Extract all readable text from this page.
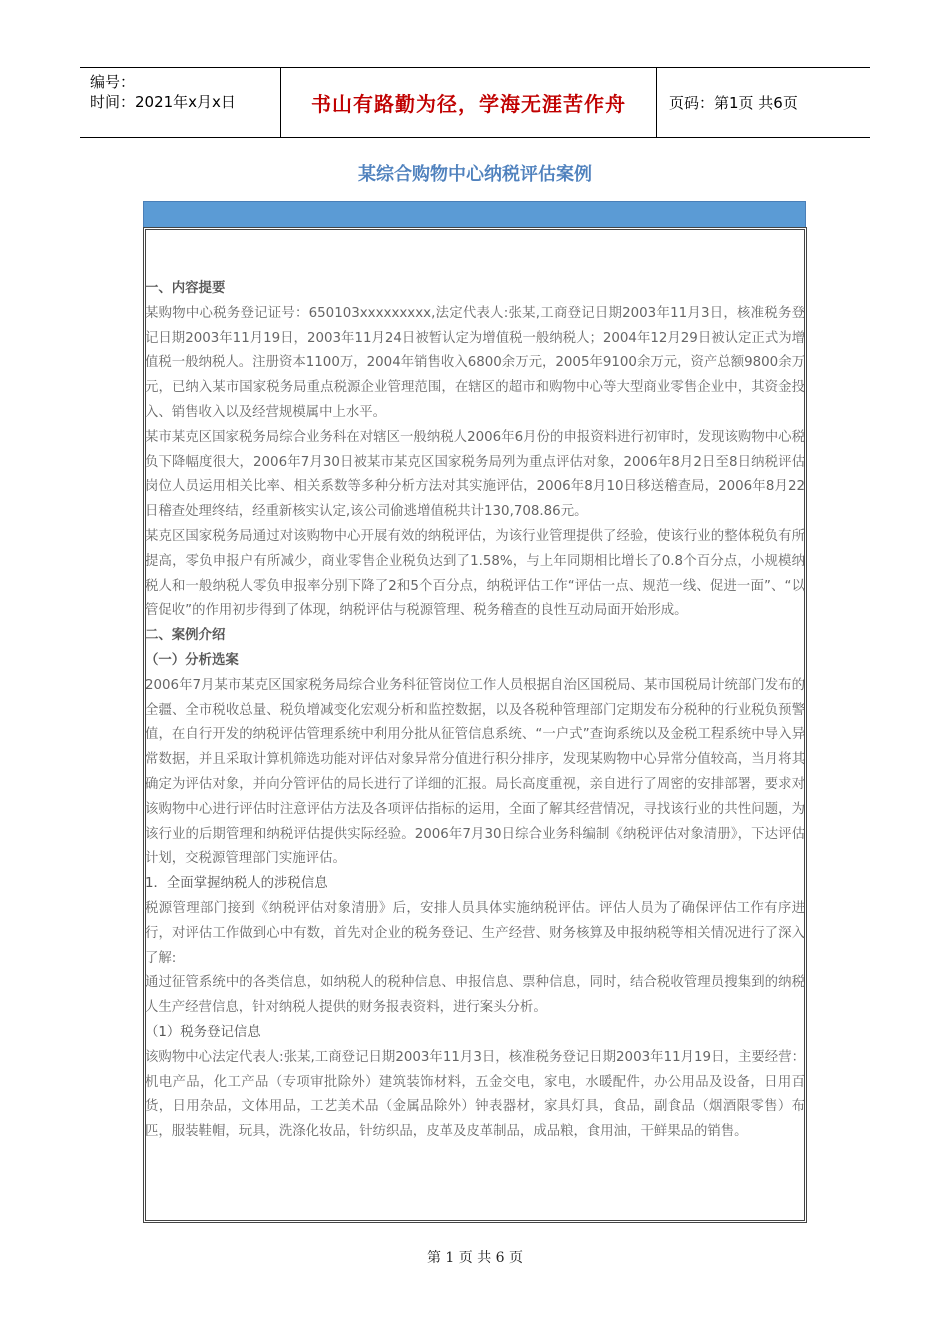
编号：
时间：2021年x月x日	书山有路勤为径，学海无涯苦作舟	页码：第1页 共6页
某综合购物中心纳税评估案例

一、内容提要

某购物中心税务登记证号：650103xxxxxxxxx,法定代表人:张某,工商登记日期2003年11月3日，核准税务登记日期2003年11月19日，2003年11月24日被暂认定为增值税一般纳税人；2004年12月29日被认定正式为增值税一般纳税人。注册资本1100万，2004年销售收入6800余万元，2005年9100余万元，资产总额9800余万元，已纳入某市国家税务局重点税源企业管理范围，在辖区的超市和购物中心等大型商业零售企业中，其资金投入、销售收入以及经营规模属中上水平。

某市某克区国家税务局综合业务科在对辖区一般纳税人2006年6月份的申报资料进行初审时，发现该购物中心税负下降幅度很大，2006年7月30日被某市某克区国家税务局列为重点评估对象，2006年8月2日至8日纳税评估岗位人员运用相关比率、相关系数等多种分析方法对其实施评估，2006年8月10日移送稽查局，2006年8月22日稽查处理终结，经重新核实认定,该公司偷逃增值税共计130,708.86元。

某克区国家税务局通过对该购物中心开展有效的纳税评估，为该行业管理提供了经验，使该行业的整体税负有所提高，零负申报户有所减少，商业零售企业税负达到了1.58%，与上年同期相比增长了0.8个百分点，小规模纳税人和一般纳税人零负申报率分别下降了2和5个百分点，纳税评估工作“评估一点、规范一线、促进一面”、“以管促收”的作用初步得到了体现，纳税评估与税源管理、税务稽查的良性互动局面开始形成。

二、案例介绍

（一）分析选案

2006年7月某市某克区国家税务局综合业务科征管岗位工作人员根据自治区国税局、某市国税局计统部门发布的全疆、全市税收总量、税负增减变化宏观分析和监控数据，以及各税种管理部门定期发布分税种的行业税负预警值，在自行开发的纳税评估管理系统中利用分批从征管信息系统、“一户式”查询系统以及金税工程系统中导入异常数据，并且采取计算机筛选功能对评估对象异常分值进行积分排序，发现某购物中心异常分值较高，当月将其确定为评估对象，并向分管评估的局长进行了详细的汇报。局长高度重视，亲自进行了周密的安排部署，要求对该购物中心进行评估时注意评估方法及各项评估指标的运用，全面了解其经营情况，寻找该行业的共性问题，为该行业的后期管理和纳税评估提供实际经验。2006年7月30日综合业务科编制《纳税评估对象清册》，下达评估计划，交税源管理部门实施评估。

1．全面掌握纳税人的涉税信息

税源管理部门接到《纳税评估对象清册》后，安排人员具体实施纳税评估。评估人员为了确保评估工作有序进行，对评估工作做到心中有数，首先对企业的税务登记、生产经营、财务核算及申报纳税等相关情况进行了深入了解:

通过征管系统中的各类信息，如纳税人的税种信息、申报信息、票种信息，同时，结合税收管理员搜集到的纳税人生产经营信息，针对纳税人提供的财务报表资料，进行案头分析。

（1）税务登记信息

该购物中心法定代表人:张某,工商登记日期2003年11月3日，核准税务登记日期2003年11月19日，主要经营：机电产品，化工产品（专项审批除外）建筑装饰材料，五金交电，家电，水暖配件，办公用品及设备，日用百货，日用杂品，文体用品，工艺美术品（金属品除外）钟表器材，家具灯具，食品，副食品（烟酒限零售）布匹，服装鞋帽，玩具，洗涤化妆品，针纺织品，皮革及皮革制品，成品粮，食用油，干鲜果品的销售。

第 1 页 共 6 页
